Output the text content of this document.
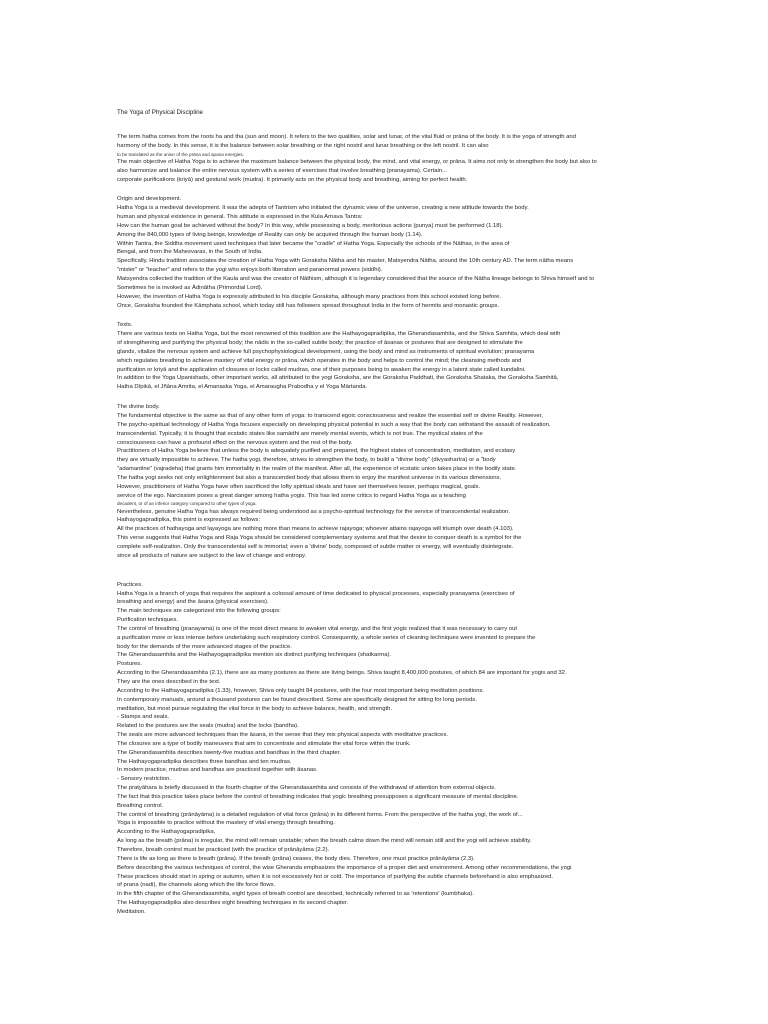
The Yoga of Physical Discipline
The term hatha comes from the roots ha and tha (sun and moon). It refers to the two qualities, solar and lunar, of the vital fluid or prāna of the body. It is the yoga of strength and
harmony of the body. In this sense, it is the balance between solar breathing or the right nostril and lunar breathing or the left nostril. It can also
to be translated as the union of the prāna and apana energies.
The main objective of Hatha Yoga is to achieve the maximum balance between the physical body, the mind, and vital energy, or prāna. It aims not only to strengthen the body but also to
also harmonize and balance the entire nervous system with a series of exercises that involve breathing (pranayama). Certain...
corporate purifications (kriyā) and gestural work (mudra). It primarily acts on the physical body and breathing, aiming for perfect health.
Origin and development.
Hatha Yoga is a medieval development. It was the adepts of Tantrism who initiated the dynamic view of the universe, creating a new attitude towards the body.
human and physical existence in general. This attitude is expressed in the Kula Arnava Tantra:
How can the human goal be achieved without the body? In this way, while possessing a body, meritorious actions (punya) must be performed (1.18).
Among the 840,000 types of living beings, knowledge of Reality can only be acquired through the human body (1.14).
Within Tantra, the Siddha movement used techniques that later became the "cradle" of Hatha Yoga. Especially the schools of the Nāthas, in the area of
Bengal, and from the Mahesvaras, in the South of India.
Specifically, Hindu tradition associates the creation of Hatha Yoga with Goraksha Nātha and his master, Matsyendra Nātha, around the 10th century AD. The term nātha means
"mister" or "teacher" and refers to the yogi who enjoys both liberation and paranormal powers (siddhi).
Matsyendra collected the tradition of the Kaula and was the creator of Nāthism, although it is legendary considered that the source of the Nātha lineage belongs to Shiva himself and to
Sometimes he is invoked as Ādinātha (Primordial Lord).
However, the invention of Hatha Yoga is expressly attributed to his disciple Goraksha, although many practices from this school existed long before.
Once, Goraksha founded the Kāmphata school, which today still has followers spread throughout India in the form of hermits and monastic groups.
Texts.
There are various texts on Hatha Yoga, but the most renowned of this tradition are the Hathayogapradipika, the Gherandasamhita, and the Shiva Samhita, which deal with
of strengthening and purifying the physical body; the nādis in the so-called subtle body; the practice of āsanas or postures that are designed to stimulate the
glands, vitalize the nervous system and achieve full psychophysiological development, using the body and mind as instruments of spiritual evolution; pranayama
which regulates breathing to achieve mastery of vital energy or prāna, which operates in the body and helps to control the mind; the cleansing methods and
purification or kriyā and the application of closures or locks called mudras, one of their purposes being to awaken the energy in a latent state called kundalini.
In addition to the Yoga Upanishads, other important works, all attributed to the yogi Goraksha, are the Goraksha Paddhati, the Goraksha Shataka, the Goraksha Samhitā,
Hatha Dīpikā, el Jñāna Amrita, el Amanaska Yoga, el Amaraugha Prabodha y el Yoga Mārtanda.
The divine body.
The fundamental objective is the same as that of any other form of yoga: to transcend egoic consciousness and realize the essential self or divine Reality. However,
The psycho-spiritual technology of Hatha Yoga focuses especially on developing physical potential in such a way that the body can withstand the assault of realization.
transcendental. Typically, it is thought that ecstatic states like samādhi are merely mental events, which is not true. The mystical states of the
consciousness can have a profound effect on the nervous system and the rest of the body.
Practitioners of Hatha Yoga believe that unless the body is adequately purified and prepared, the highest states of concentration, meditation, and ecstasy
they are virtually impossible to achieve. The hatha yogi, therefore, strives to strengthen the body, to build a "divine body" (divyasharīra) or a "body
"adamantine" (vajradeha) that grants him immortality in the realm of the manifest. After all, the experience of ecstatic union takes place in the bodily state.
The hatha yogi seeks not only enlightenment but also a transcended body that allows them to enjoy the manifest universe in its various dimensions.
However, practitioners of Hatha Yoga have often sacrificed the lofty spiritual ideals and have set themselves lesser, perhaps magical, goals.
service of the ego. Narcissism poses a great danger among hatha yogis. This has led some critics to regard Hatha Yoga as a teaching
decadent, or of an inferior category compared to other types of yoga.
Nevertheless, genuine Hatha Yoga has always required being understood as a psycho-spiritual technology for the service of transcendental realization.
Hathayogapradipika, this point is expressed as follows:
All the practices of hathayoga and layayoga are nothing more than means to achieve rajayoga; whoever attains rajayoga will triumph over death (4.103).
This verse suggests that Hatha Yoga and Raja Yoga should be considered complementary systems and that the desire to conquer death is a symbol for the
complete self-realization. Only the transcendental self is immortal; even a 'divine' body, composed of subtle matter or energy, will eventually disintegrate.
since all products of nature are subject to the law of change and entropy.
Practices.
Hatha Yoga is a branch of yoga that requires the aspirant a colossal amount of time dedicated to physical processes, especially pranayama (exercises of
breathing and energy) and the āsana (physical exercises).
The main techniques are categorized into the following groups:
Purification techniques.
The control of breathing (pranayama) is one of the most direct means to awaken vital energy, and the first yogis realized that it was necessary to carry out
a purification more or less intense before undertaking such respiratory control. Consequently, a whole series of cleaning techniques were invented to prepare the
body for the demands of the more advanced stages of the practice.
The Gherandasamhita and the Hathayogapradipika mention six distinct purifying techniques (shatkarma).
Postures.
According to the Gherandasamhita (2.1), there are as many postures as there are living beings. Shiva taught 8,400,000 postures, of which 84 are important for yogis and 32.
They are the ones described in the text.
According to the Hathayogapradipika (1.33), however, Shiva only taught 84 postures, with the four most important being meditation positions.
In contemporary manuals, around a thousand postures can be found described. Some are specifically designed for sitting for long periods.
meditation, but most pursue regulating the vital force in the body to achieve balance, health, and strength.
- Stamps and seals.
Related to the postures are the seals (mudra) and the locks (bandha).
The seals are more advanced techniques than the āsana, in the sense that they mix physical aspects with meditative practices.
The closures are a type of bodily maneuvers that aim to concentrate and stimulate the vital force within the trunk.
The Gherandasamhita describes twenty-five mudras and bandhas in the third chapter.
The Hathayogapradipika describes three bandhas and ten mudras.
In modern practice, mudras and bandhas are practiced together with āsanas.
- Sensory restriction.
The pratyāhara is briefly discussed in the fourth chapter of the Gherandasamhita and consists of the withdrawal of attention from external objects.
The fact that this practice takes place before the control of breathing indicates that yogic breathing presupposes a significant measure of mental discipline.
Breathing control.
The control of breathing (prānāyāma) is a detailed regulation of vital force (prāna) in its different forms. From the perspective of the hatha yogi, the work of...
Yoga is impossible to practice without the mastery of vital energy through breathing.
According to the Hathayogapradipika,
As long as the breath (prāna) is irregular, the mind will remain unstable; when the breath calms down the mind will remain still and the yogi will achieve stability.
Therefore, breath control must be practiced (with the practice of prānāyāma (2.2).
There is life as long as there is breath (prāna). If the breath (prāna) ceases, the body dies. Therefore, one must practice prānāyāma (2.3).
Before describing the various techniques of control, the wise Gheranda emphasizes the importance of a proper diet and environment. Among other recommendations, the yogi
These practices should start in spring or autumn, when it is not excessively hot or cold. The importance of purifying the subtle channels beforehand is also emphasized.
of prana (nadi), the channels along which the life force flows.
In the fifth chapter of the Gherandasamhita, eight types of breath control are described, technically referred to as 'retentions' (kumbhaka).
The Hathayogapradipika also describes eight breathing techniques in its second chapter.
Meditation.
